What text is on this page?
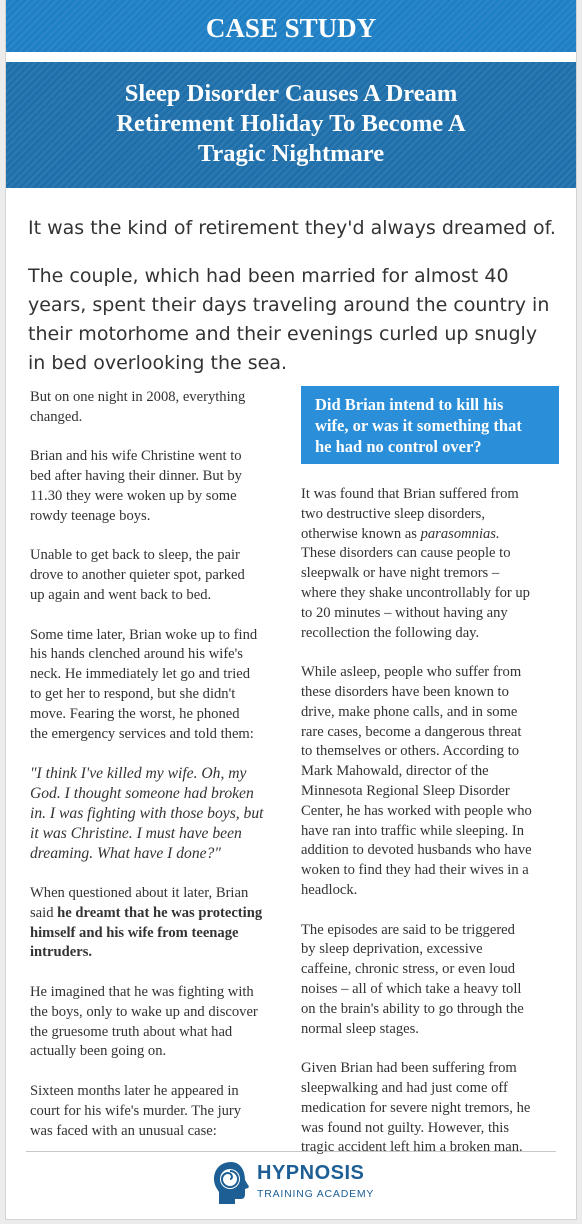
CASE STUDY
Sleep Disorder Causes A Dream
Retirement Holiday To Become A
Tragic Nightmare
It was the kind of retirement they'd always dreamed of.
The couple, which had been married for almost 40
years, spent their days traveling around the country in
their motorhome and their evenings curled up snugly
in bed overlooking the sea.

But on one night in 2008, everything
changed.

Brian and his wife Christine went to
bed after having their dinner. But by
11.30 they were woken up by some
rowdy teenage boys.

Unable to get back to sleep, the pair
drove to another quieter spot, parked
up again and went back to bed.

Some time later, Brian woke up to find
his hands clenched around his wife's
neck. He immediately let go and tried
to get her to respond, but she didn't
move. Fearing the worst, he phoned
the emergency services and told them:

"I think I've killed my wife. Oh, my
God. I thought someone had broken
in. I was fighting with those boys, but
it was Christine. I must have been
dreaming. What have I done?"

When questioned about it later, Brian
said he dreamt that he was protecting
himself and his wife from teenage
intruders.

He imagined that he was fighting with
the boys, only to wake up and discover
the gruesome truth about what had
actually been going on.

Sixteen months later he appeared in
court for his wife's murder. The jury
was faced with an unusual case:

Did Brian intend to kill his
wife, or was it something that
he had no control over?

It was found that Brian suffered from
two destructive sleep disorders,
otherwise known as parasomnias.
These disorders can cause people to
sleepwalk or have night tremors –
where they shake uncontrollably for up
to 20 minutes – without having any
recollection the following day.

While asleep, people who suffer from
these disorders have been known to
drive, make phone calls, and in some
rare cases, become a dangerous threat
to themselves or others. According to
Mark Mahowald, director of the
Minnesota Regional Sleep Disorder
Center, he has worked with people who
have ran into traffic while sleeping. In
addition to devoted husbands who have
woken to find they had their wives in a
headlock.

The episodes are said to be triggered
by sleep deprivation, excessive
caffeine, chronic stress, or even loud
noises – all of which take a heavy toll
on the brain's ability to go through the
normal sleep stages.

Given Brian had been suffering from
sleepwalking and had just come off
medication for severe night tremors, he
was found not guilty. However, this
tragic accident left him a broken man.

HYPNOSIS
TRAINING ACADEMY
